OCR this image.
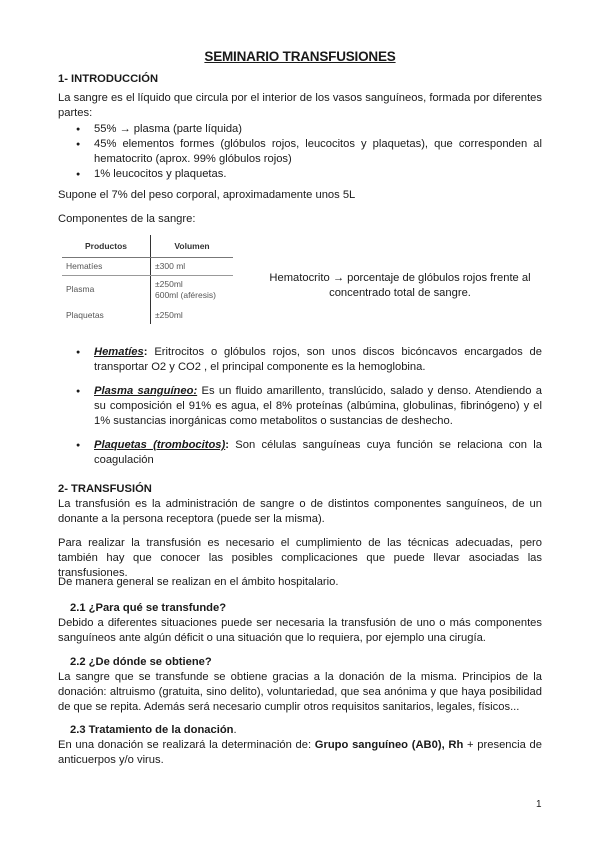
SEMINARIO TRANSFUSIONES
1- INTRODUCCIÓN
La sangre es el líquido que circula por el interior de los vasos sanguíneos, formada por diferentes partes:
● 55% → plasma (parte líquida)
● 45% elementos formes (glóbulos rojos, leucocitos y plaquetas), que corresponden al hematocrito (aprox. 99% glóbulos rojos)
● 1% leucocitos y plaquetas.
Supone el 7% del peso corporal, aproximadamente unos 5L
Componentes de la sangre:
Productos	Volumen
Hematíes	±300 ml
Plasma	±250ml
600ml (aféresis)

Plaquetas	±250ml
Hematocrito → porcentaje de glóbulos rojos frente al concentrado total de sangre.
● Hematíes: Eritrocitos o glóbulos rojos, son unos discos bicóncavos encargados de transportar O2 y CO2 , el principal componente es la hemoglobina.
● Plasma sanguíneo: Es un fluido amarillento, translúcido, salado y denso. Atendiendo a su composición el 91% es agua, el 8% proteínas (albúmina, globulinas, fibrinógeno) y el 1% sustancias inorgánicas como metabolitos o sustancias de deshecho.
● Plaquetas (trombocitos): Son células sanguíneas cuya función se relaciona con la coagulación
2- TRANSFUSIÓN
La transfusión es la administración de sangre o de distintos componentes sanguíneos, de un donante a la persona receptora (puede ser la misma).
Para realizar la transfusión es necesario el cumplimiento de las técnicas adecuadas, pero también hay que conocer las posibles complicaciones que puede llevar asociadas las transfusiones.
De manera general se realizan en el ámbito hospitalario.
2.1 ¿Para qué se transfunde?
Debido a diferentes situaciones puede ser necesaria la transfusión de uno o más componentes sanguíneos ante algún déficit o una situación que lo requiera, por ejemplo una cirugía.
2.2 ¿De dónde se obtiene?
La sangre que se transfunde se obtiene gracias a la donación de la misma. Principios de la donación: altruismo (gratuita, sino delito), voluntariedad, que sea anónima y que haya posibilidad de que se repita. Además será necesario cumplir otros requisitos sanitarios, legales, físicos...
2.3 Tratamiento de la donación.
En una donación se realizará la determinación de: Grupo sanguíneo (AB0), Rh + presencia de anticuerpos y/o virus.
1
